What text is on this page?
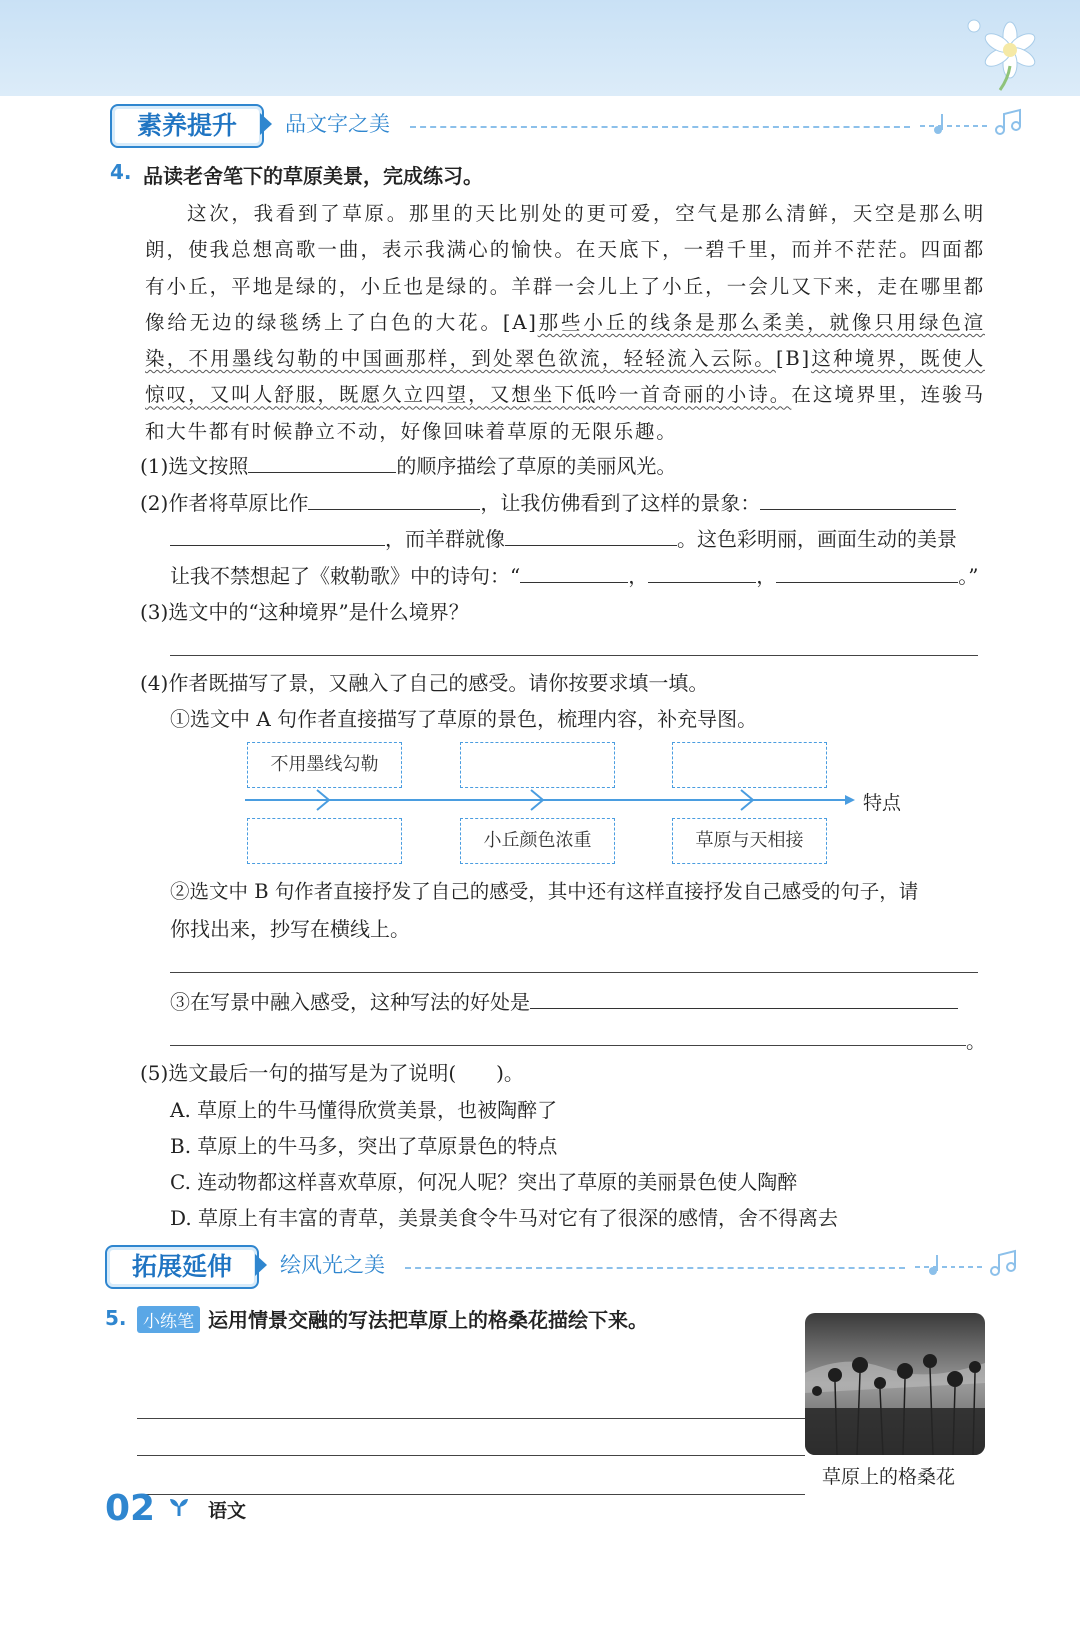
素养提升	品文字之美
4. 品读老舍笔下的草原美景，完成练习。

这次，我看到了草原。那里的天比别处的更可爱，空气是那么清鲜，天空是那么明朗，使我总想高歌一曲，表示我满心的愉快。在天底下，一碧千里，而并不茫茫。四面都有小丘，平地是绿的，小丘也是绿的。羊群一会儿上了小丘，一会儿又下来，走在哪里都像给无边的绿毯绣上了白色的大花。[A]那些小丘的线条是那么柔美，就像只用绿色渲染，不用墨线勾勒的中国画那样，到处翠色欲流，轻轻流入云际。[B]这种境界，既使人惊叹，又叫人舒服，既愿久立四望，又想坐下低吟一首奇丽的小诗。在这境界里，连骏马和大牛都有时候静立不动，好像回味着草原的无限乐趣。

(1)选文按照	的顺序描绘了草原的美丽风光。
(2)作者将草原比作	，让我仿佛看到了这样的景象：
，而羊群就像	。这色彩明丽，画面生动的美景
让我不禁想起了《敕勒歌》中的诗句：“	，	，	。”
(3)选文中的“这种境界”是什么境界？
(4)作者既描写了景，又融入了自己的感受。请你按要求填一填。
①选文中 A 句作者直接描写了草原的景色，梳理内容，补充导图。
特点
不用墨线勾勒
小丘颜色浓重	草原与天相接
②选文中 B 句作者直接抒发了自己的感受，其中还有这样直接抒发自己感受的句子，请
你找出来，抄写在横线上。
③在写景中融入感受，这种写法的好处是
。
(5)选文最后一句的描写是为了说明(　　)。
A. 草原上的牛马懂得欣赏美景，也被陶醉了
B. 草原上的牛马多，突出了草原景色的特点
C. 连动物都这样喜欢草原，何况人呢？突出了草原的美丽景色使人陶醉
D. 草原上有丰富的青草，美景美食令牛马对它有了很深的感情，舍不得离去
拓展延伸	绘风光之美
5. 小练笔 运用情景交融的写法把草原上的格桑花描绘下来。
草原上的格桑花
02	语文
